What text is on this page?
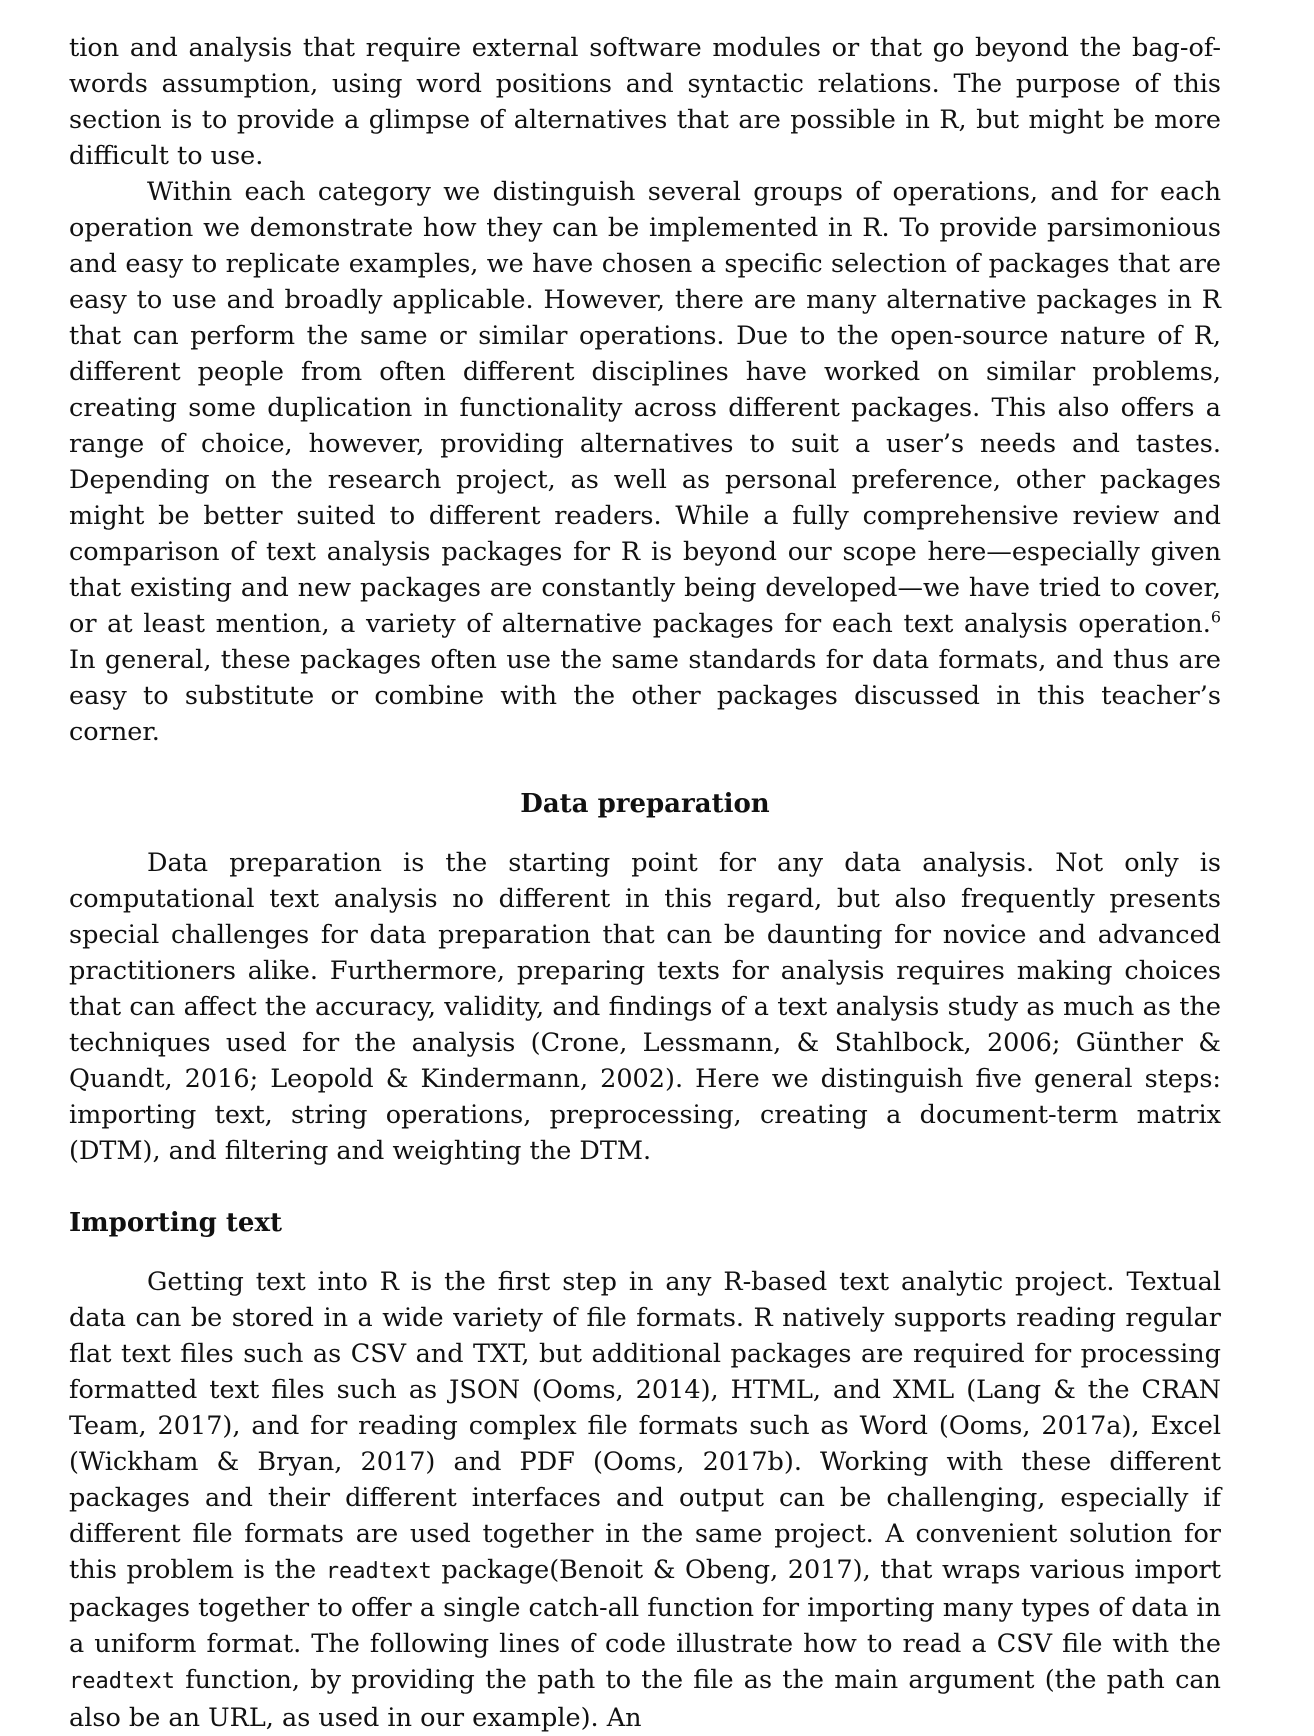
tion and analysis that require external software modules or that go beyond the bag-of-words assumption, using word positions and syntactic relations. The purpose of this section is to provide a glimpse of alternatives that are possible in R, but might be more difficult to use.

Within each category we distinguish several groups of operations, and for each operation we demonstrate how they can be implemented in R. To provide parsimonious and easy to replicate examples, we have chosen a specific selection of packages that are easy to use and broadly applicable. However, there are many alternative packages in R that can perform the same or similar operations. Due to the open-source nature of R, different people from often different disciplines have worked on similar problems, creating some duplication in functionality across different packages. This also offers a range of choice, however, providing alternatives to suit a user’s needs and tastes. Depending on the research project, as well as personal preference, other packages might be better suited to different readers. While a fully comprehensive review and comparison of text analysis packages for R is beyond our scope here—especially given that existing and new packages are constantly being developed—we have tried to cover, or at least mention, a variety of alternative packages for each text analysis operation.$^6$ In general, these packages often use the same standards for data formats, and thus are easy to substitute or combine with the other packages discussed in this teacher’s corner.

Data preparation

Data preparation is the starting point for any data analysis. Not only is computational text analysis no different in this regard, but also frequently presents special challenges for data preparation that can be daunting for novice and advanced practitioners alike. Furthermore, preparing texts for analysis requires making choices that can affect the accuracy, validity, and findings of a text analysis study as much as the techniques used for the analysis (Crone, Lessmann, & Stahlbock, 2006; Günther & Quandt, 2016; Leopold & Kindermann, 2002). Here we distinguish five general steps: importing text, string operations, preprocessing, creating a document-term matrix (DTM), and filtering and weighting the DTM.

Importing text

Getting text into R is the first step in any R-based text analytic project. Textual data can be stored in a wide variety of file formats. R natively supports reading regular flat text files such as CSV and TXT, but additional packages are required for processing formatted text files such as JSON (Ooms, 2014), HTML, and XML (Lang & the CRAN Team, 2017), and for reading complex file formats such as Word (Ooms, 2017a), Excel (Wickham & Bryan, 2017) and PDF (Ooms, 2017b). Working with these different packages and their different interfaces and output can be challenging, especially if different file formats are used together in the same project. A convenient solution for this problem is the readtext package(Benoit & Obeng, 2017), that wraps various import packages together to offer a single catch-all function for importing many types of data in a uniform format. The following lines of code illustrate how to read a CSV file with the readtext function, by providing the path to the file as the main argument (the path can also be an URL, as used in our example). An
